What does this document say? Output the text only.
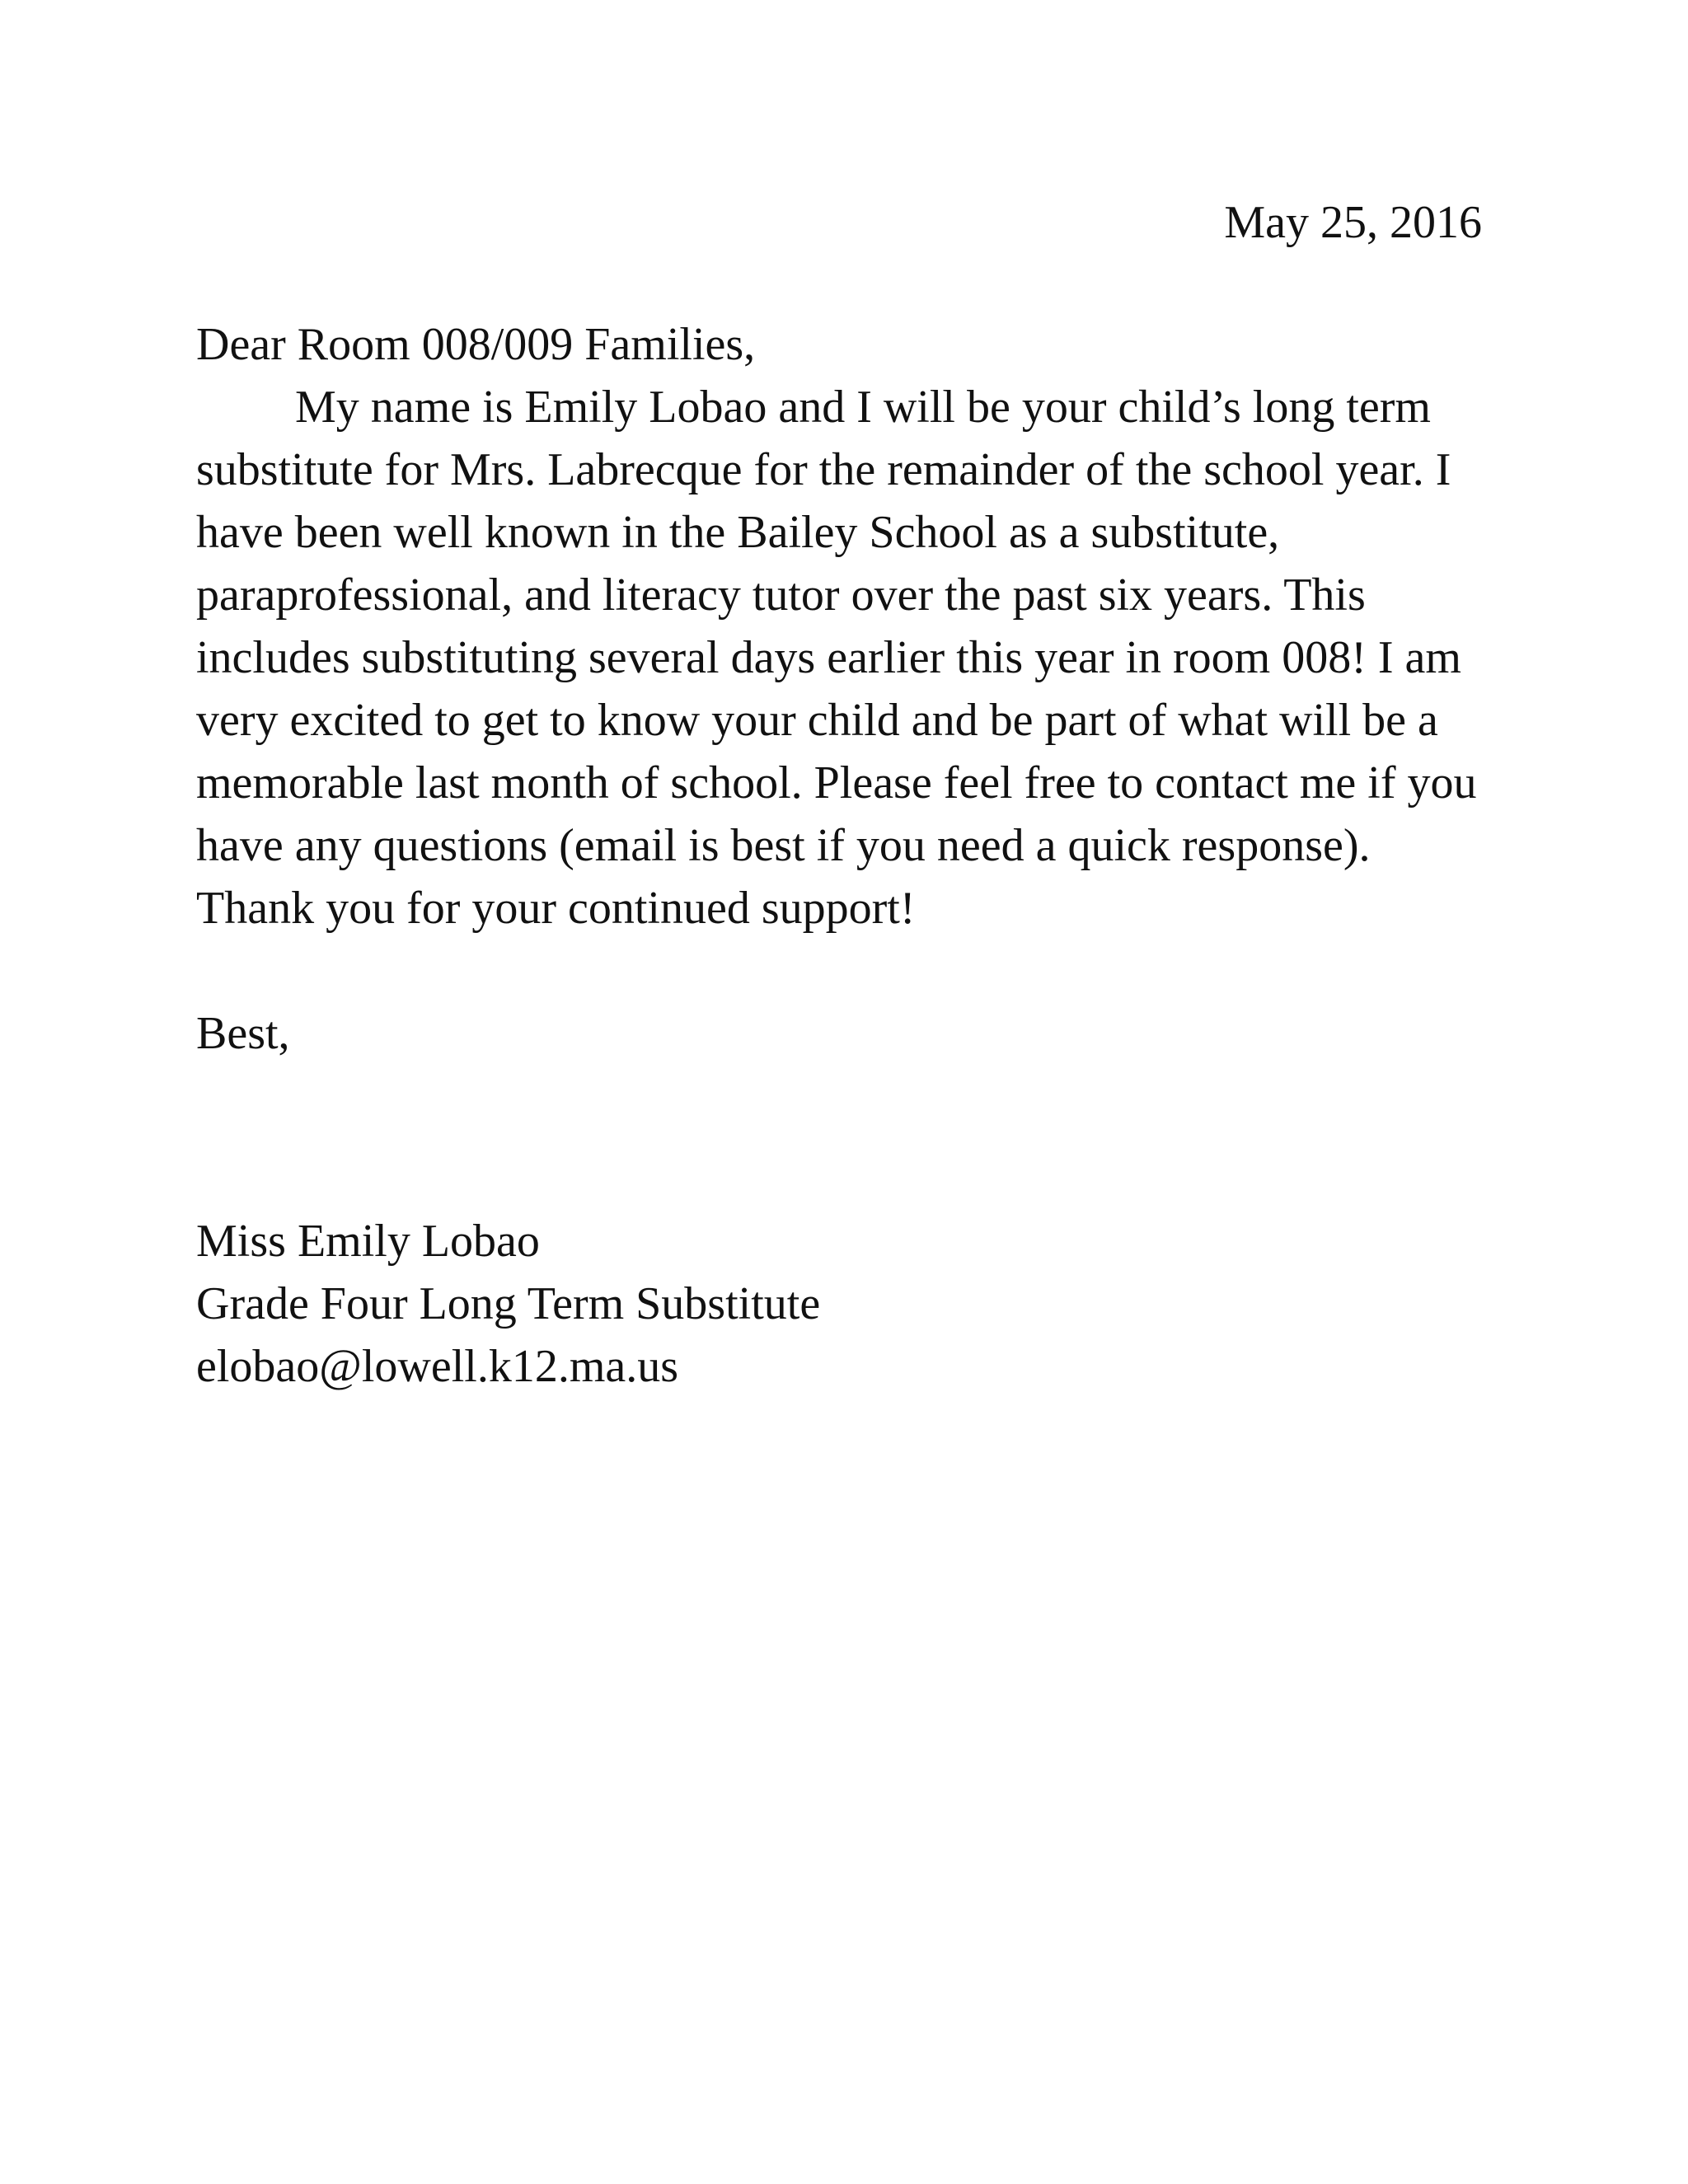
May 25, 2016

Dear Room 008/009 Families,

My name is Emily Lobao and I will be your child’s long term substitute for Mrs. Labrecque for the remainder of the school year. I have been well known in the Bailey School as a substitute, paraprofessional, and literacy tutor over the past six years. This includes substituting several days earlier this year in room 008! I am very excited to get to know your child and be part of what will be a memorable last month of school. Please feel free to contact me if you have any questions (email is best if you need a quick response). Thank you for your continued support!

Best,

Miss Emily Lobao
Grade Four Long Term Substitute
elobao@lowell.k12.ma.us
